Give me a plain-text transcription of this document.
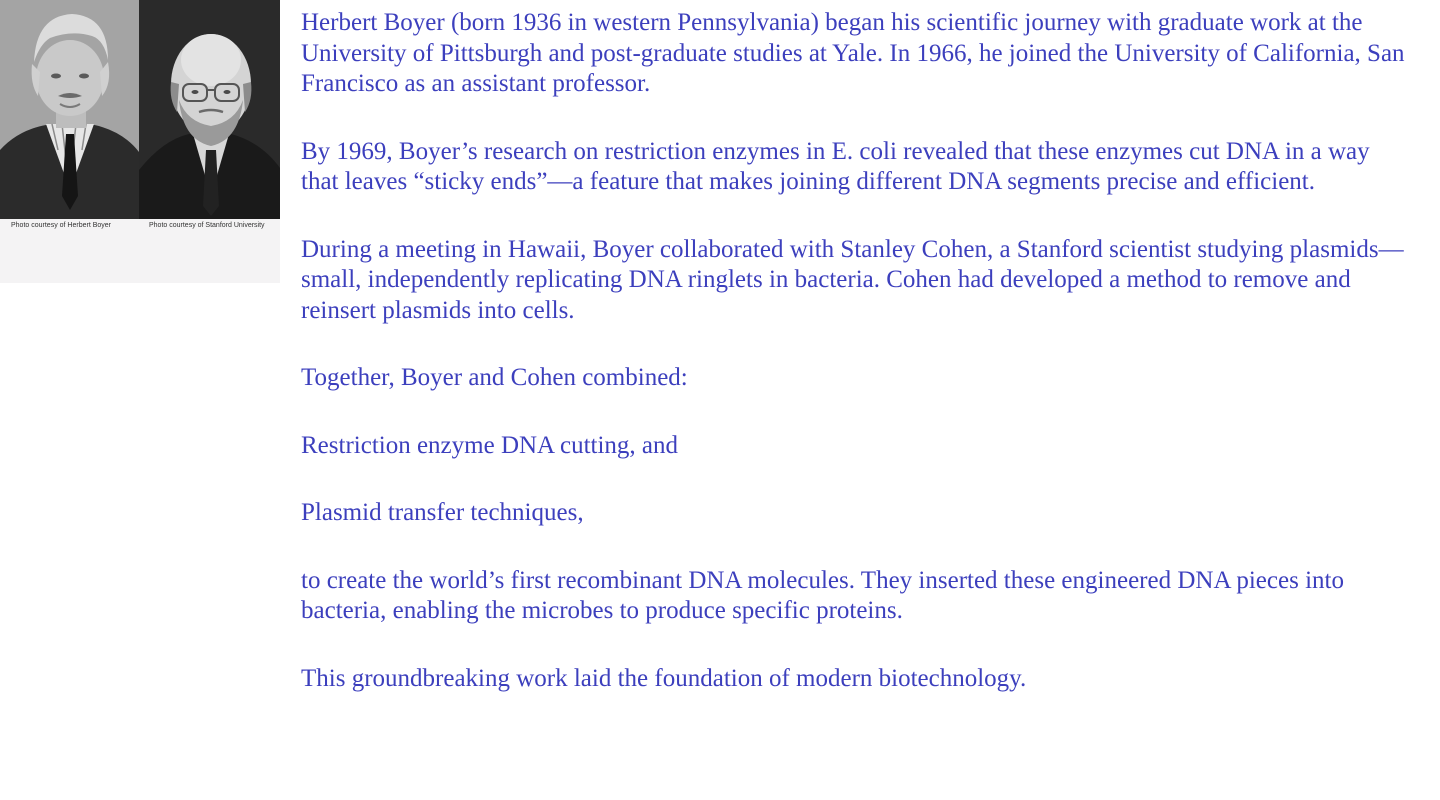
Photo courtesy of Herbert Boyer	Photo courtesy of Stanford University

Herbert Boyer (born 1936 in western Pennsylvania) began his scientific journey with graduate work at the University of Pittsburgh and post-graduate studies at Yale. In 1966, he joined the University of California, San Francisco as an assistant professor.

By 1969, Boyer’s research on restriction enzymes in E. coli revealed that these enzymes cut DNA in a way that leaves “sticky ends”—a feature that makes joining different DNA segments precise and efficient.

During a meeting in Hawaii, Boyer collaborated with Stanley Cohen, a Stanford scientist studying plasmids—small, independently replicating DNA ringlets in bacteria. Cohen had developed a method to remove and reinsert plasmids into cells.

Together, Boyer and Cohen combined:

Restriction enzyme DNA cutting, and

Plasmid transfer techniques,

to create the world’s first recombinant DNA molecules. They inserted these engineered DNA pieces into bacteria, enabling the microbes to produce specific proteins.

This groundbreaking work laid the foundation of modern biotechnology.
